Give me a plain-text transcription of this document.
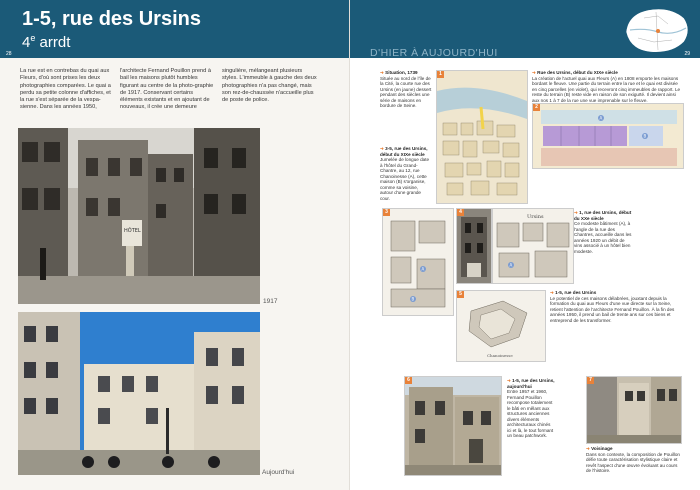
1-5, rue des Ursins
4e arrdt
28
La rue est en contrebas du quai aux Fleurs, d'où sont prises les deux photographies comparées. Le quai a perdu sa petite colonne d'affiches, et la rue s'est séparée de la vespa-sienne. Dans les années 1950,
l'architecte Fernand Pouillon prend à bail les maisons plutôt humbles figurant au centre de la photo-graphie de 1917. Conservant certains éléments existants et en ajoutant de nouveaux, il crée une demeure
singulière, mélangeant plusieurs styles. L'immeuble à gauche des deux photographies n'a pas changé, mais son rez-de-chaussée n'accueille plus de poste de police.
HÔTEL
1917
Aujourd'hui
29
D'HIER À AUJOURD'HUI
➜ Situation, 1739
Située au nord de l'île de la Cité, la courte rue des Ursins (en jaune) dessert pendant des siècles une série de maisons en bordure de Seine.
1	➜ Rue des Ursins, début du XIXe siècle
La création de l'actuel quai aux Fleurs (A) en 1808 emporte les maisons bordant le fleuve. Une partie du terrain entre la rue et le quai est divisée en cinq parcelles (en violet), qui recevront cinq immeubles de rapport. Le reste du terrain (B) reste vide en raison de son exiguïté. Il devient ainsi aux nos 1 à 7 de la rue une vue imprenable sur le fleuve.
2
A
B
➜ 3-5, rue des Ursins, début du XIXe siècle
Jumelée de longue date à l'hôtel du Grand-Chantre, au 12, rue Chanoinesse (A), cette maison (B) s'organise, comme sa voisine, autour d'une grande cour.
3
A
B
4
Ursins
A
➜ 1, rue des Ursins, début du XXe siècle
Ce modeste bâtiment (A), à l'angle de la rue des Chantres, accueille dans les années 1920 un débit de vins associé à un hôtel bien modeste.
5
Chanoinesse
➜ 1-5, rue des Ursins
Le potentiel de ces maisons délabrées, jouxtant depuis la formation du quai aux Fleurs d'une vue directe sur la Seine, retient l'attention de l'architecte Fernand Pouillon. À la fin des années 1950, il prend un bail de trente ans sur ces biens et entreprend de les transformer.
6	➜ 1-5, rue des Ursins, aujourd'hui
Entre 1957 et 1960, Fernand Pouillon recompose totalement le bâti en mêlant aux structures anciennes divers éléments architecturaux chinés ici et là, le tout formant un beau patchwork.
7
➜ Voisinage
Dans son contexte, la composition de Pouillon défie toute caractérisation stylistique claire et revêt l'aspect d'une œuvre évoluant au cours de l'histoire.
